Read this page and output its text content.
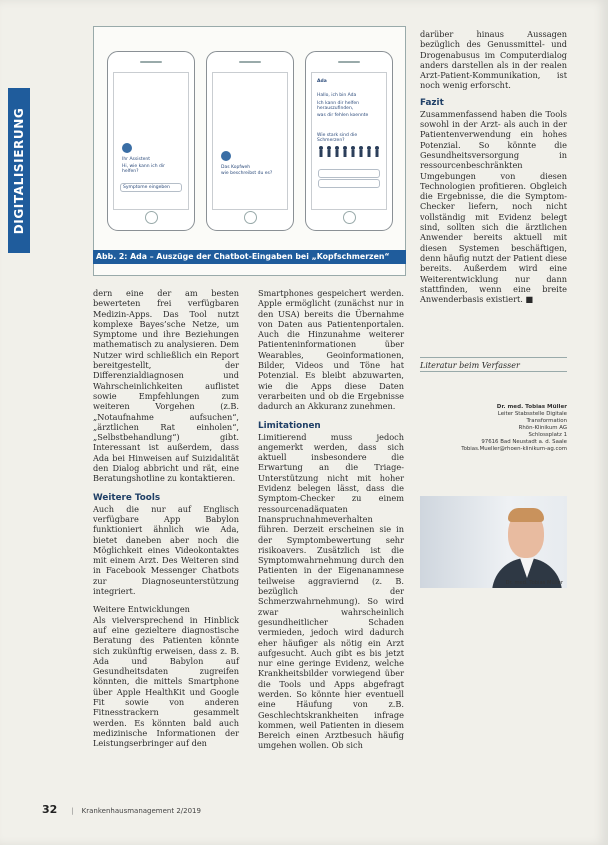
DIGITALISIERUNG	Ihr Assistent
Hi, wie kann ich dir helfen?
Symptome eingeben
Das Kopfweh
wie beschreibst du es?
Ada
Hallo, ich bin Ada
Ich kann dir helfen herauszufinden,
was dir fehlen koennte
Wie stark sind die Schmerzen?
Abb. 2: Ada – Auszüge der Chatbot-Eingaben bei „Kopfschmerzen“

dern eine der am besten bewerteten frei verfügbaren Medizin-Apps. Das Tool nutzt komplexe Bayes’sche Netze, um Symptome und ihre Beziehungen mathematisch zu analysieren. Dem Nutzer wird schließlich ein Report bereitgestellt, der Differenzialdiagnosen und Wahrscheinlichkeiten auflistet sowie Empfehlungen zum weiteren Vorgehen (z.B. „Notaufnahme aufsuchen“, „ärztlichen Rat einholen“, „Selbstbehandlung“) gibt. Interessant ist außerdem, dass Ada bei Hinweisen auf Suizidalität den Dialog abbricht und rät, eine Beratungshotline zu kontaktieren.

Weitere Tools

Auch die nur auf Englisch verfügbare App Babylon funktioniert ähnlich wie Ada, bietet daneben aber noch die Möglichkeit eines Videokontaktes mit einem Arzt. Des Weiteren sind in Facebook Messenger Chatbots zur Diagnoseunterstützung integriert.

Weitere Entwicklungen

Als vielversprechend in Hinblick auf eine gezieltere diagnostische Beratung des Patienten könnte sich zukünftig erweisen, dass z. B. Ada und Babylon auf Gesundheitsdaten zugreifen könnten, die mittels Smartphone über Apple HealthKit und Google Fit sowie von anderen Fitnesstrackern gesammelt werden. Es könnten bald auch medizinische Informationen der Leistungserbringer auf den

Smartphones gespeichert werden. Apple ermöglicht (zunächst nur in den USA) bereits die Übernahme von Daten aus Patientenportalen. Auch die Hinzunahme weiterer Patienteninformationen über Wearables, Geoinformationen, Bilder, Videos und Töne hat Potenzial. Es bleibt abzuwarten, wie die Apps diese Daten verarbeiten und ob die Ergebnisse dadurch an Akkuranz zunehmen.

Limitationen

Limitierend muss jedoch angemerkt werden, dass sich aktuell insbesondere die Erwartung an die Triage-Unterstützung nicht mit hoher Evidenz belegen lässt, dass die Symptom-Checker zu einem ressourcenadäquaten Inanspruchnahmeverhalten führen. Derzeit erscheinen sie in der Symptombewertung sehr risikoavers. Zusätzlich ist die Symptomwahrnehmung durch den Patienten in der Eigenanamnese teilweise aggraviernd (z. B. bezüglich der Schmerzwahrnehmung). So wird zwar wahrscheinlich gesundheitlicher Schaden vermieden, jedoch wird dadurch eher häufiger als nötig ein Arzt aufgesucht. Auch gibt es bis jetzt nur eine geringe Evidenz, welche Krankheitsbilder vorwiegend über die Tools und Apps abgefragt werden. So könnte hier eventuell eine Häufung von z.B. Geschlechtskrankheiten infrage kommen, weil Patienten in diesem Bereich einen Arztbesuch häufig umgehen wollen. Ob sich

darüber hinaus Aussagen bezüglich des Genussmittel- und Drogenabusus im Computerdialog anders darstellen als in der realen Arzt-Patient-Kommunikation, ist noch wenig erforscht.

Fazit

Zusammenfassend haben die Tools sowohl in der Arzt- als auch in der Patientenverwendung ein hohes Potenzial. So könnte die Gesundheitsversorgung in ressourcenbeschränkten Umgebungen von diesen Technologien profitieren. Obgleich die Ergebnisse, die die Symptom-Checker liefern, noch nicht vollständig mit Evidenz belegt sind, sollten sich die ärztlichen Anwender bereits aktuell mit diesen Systemen beschäftigen, denn häufig nutzt der Patient diese bereits. Außerdem wird eine Weiterentwicklung nur dann stattfinden, wenn eine breite Anwenderbasis existiert. ■

Literatur beim Verfasser
Dr. med. Tobias Müller
Leiter Stabsstelle Digitale
Transformation
Rhön-Klinikum AG
Schlossplatz 1
97616 Bad Neustadt a. d. Saale
Tobias.Mueller@rhoen-klinikum-ag.com
Dr. med. Tobias Müller
32 | Krankenhausmanagement 2/2019
